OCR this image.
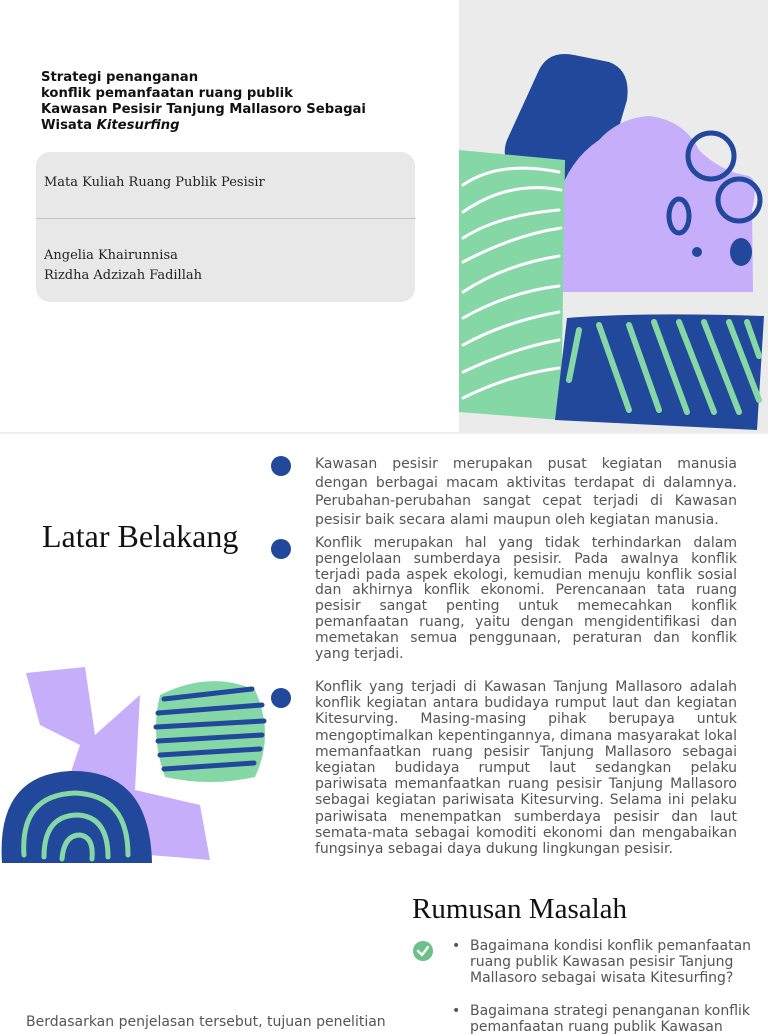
Strategi penanganan
konflik pemanfaatan ruang publik
Kawasan Pesisir Tanjung Mallasoro Sebagai
Wisata Kitesurfing
Mata Kuliah Ruang Publik Pesisir
Angelia Khairunnisa
Rizdha Adzizah Fadillah
Latar Belakang
Kawasan pesisir merupakan pusat kegiatan manusia dengan berbagai macam aktivitas terdapat di dalamnya. Perubahan-perubahan sangat cepat terjadi di Kawasan pesisir baik secara alami maupun oleh kegiatan manusia.
Konflik merupakan hal yang tidak terhindarkan dalam pengelolaan sumberdaya pesisir. Pada awalnya konflik terjadi pada aspek ekologi, kemudian menuju konflik sosial dan akhirnya konflik ekonomi. Perencanaan tata ruang pesisir sangat penting untuk memecahkan konflik pemanfaatan ruang, yaitu dengan mengidentifikasi dan memetakan semua penggunaan, peraturan dan konflik yang terjadi.
Konflik yang terjadi di Kawasan Tanjung Mallasoro adalah konflik kegiatan antara budidaya rumput laut dan kegiatan Kitesurving. Masing-masing pihak berupaya untuk mengoptimalkan kepentingannya, dimana masyarakat lokal memanfaatkan ruang pesisir Tanjung Mallasoro sebagai kegiatan budidaya rumput laut sedangkan pelaku pariwisata memanfaatkan ruang pesisir Tanjung Mallasoro sebagai kegiatan pariwisata Kitesurving. Selama ini pelaku pariwisata menempatkan sumberdaya pesisir dan laut semata-mata sebagai komoditi ekonomi dan mengabaikan fungsinya sebagai daya dukung lingkungan pesisir.
Rumusan Masalah
• Bagaimana kondisi konflik pemanfaatan ruang publik Kawasan pesisir Tanjung Mallasoro sebagai wisata Kitesurfing?
• Bagaimana strategi penanganan konflik pemanfaatan ruang publik Kawasan
Berdasarkan penjelasan tersebut, tujuan penelitian
